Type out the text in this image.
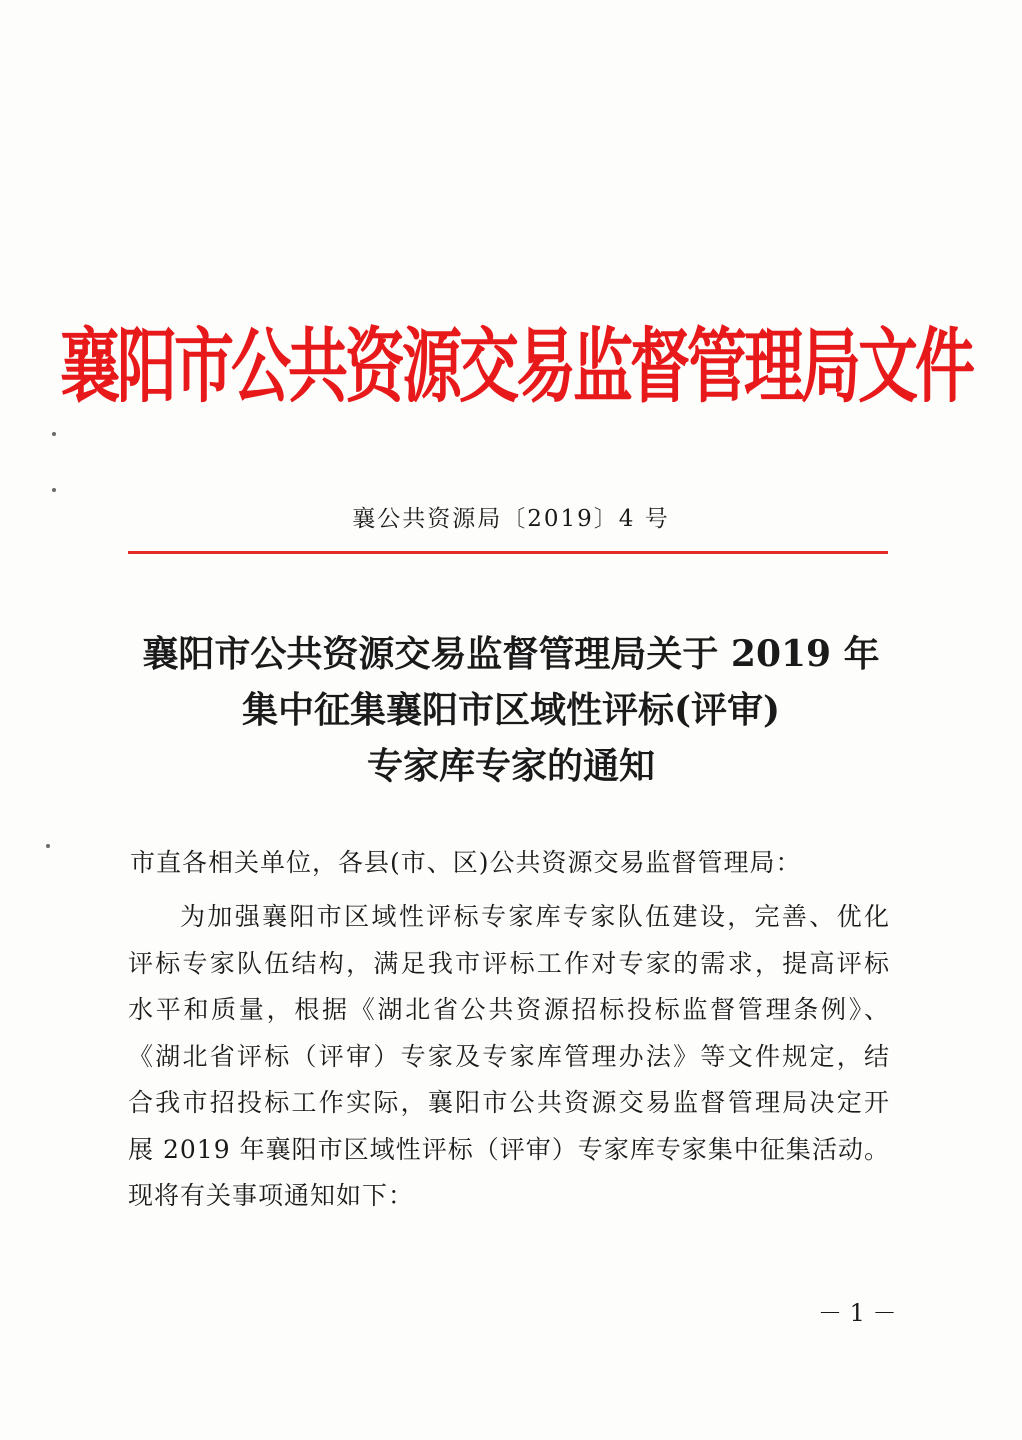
襄阳市公共资源交易监督管理局文件
襄公共资源局〔2019〕4 号
襄阳市公共资源交易监督管理局关于 2019 年
集中征集襄阳市区域性评标(评审)
专家库专家的通知
市直各相关单位，各县(市、区)公共资源交易监督管理局：
为加强襄阳市区域性评标专家库专家队伍建设，完善、优化
评标专家队伍结构，满足我市评标工作对专家的需求，提高评标
水平和质量，根据《湖北省公共资源招标投标监督管理条例》、
《湖北省评标（评审）专家及专家库管理办法》等文件规定，结
合我市招投标工作实际，襄阳市公共资源交易监督管理局决定开
展 2019 年襄阳市区域性评标（评审）专家库专家集中征集活动。
现将有关事项通知如下：
－ 1 －
